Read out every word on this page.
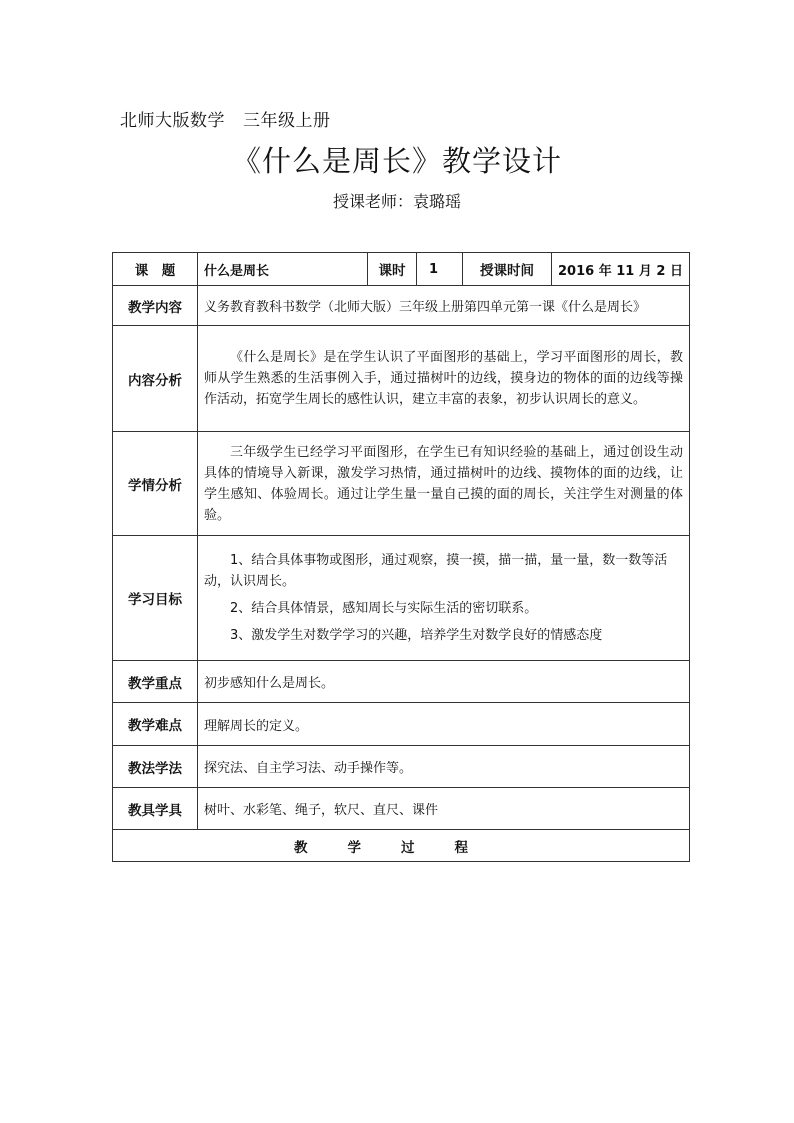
北师大版数学 三年级上册
《什么是周长》教学设计
授课老师：袁璐瑶
课　题	什么是周长	课时	1	授课时间	2016 年 11 月 2 日
教学内容	义务教育教科书数学（北师大版）三年级上册第四单元第一课《什么是周长》				
内容分析	《什么是周长》是在学生认识了平面图形的基础上，学习平面图形的周长，教师从学生熟悉的生活事例入手，通过描树叶的边线，摸身边的物体的面的边线等操作活动，拓宽学生周长的感性认识，建立丰富的表象，初步认识周长的意义。				
学情分析	三年级学生已经学习平面图形，在学生已有知识经验的基础上，通过创设生动具体的情境导入新课，激发学习热情，通过描树叶的边线、摸物体的面的边线，让学生感知、体验周长。通过让学生量一量自己摸的面的周长，关注学生对测量的体验。				
学习目标	1、结合具体事物或图形，通过观察，摸一摸，描一描，量一量，数一数等活动，认识周长。

2、结合具体情景，感知周长与实际生活的密切联系。

3、激发学生对数学学习的兴趣，培养学生对数学良好的情感态度				

教学重点	初步感知什么是周长。				
教学难点	理解周长的定义。				
教法学法	探究法、自主学习法、动手操作等。				
教具学具	树叶、水彩笔、绳子，软尺、直尺、课件				
教学过程					
